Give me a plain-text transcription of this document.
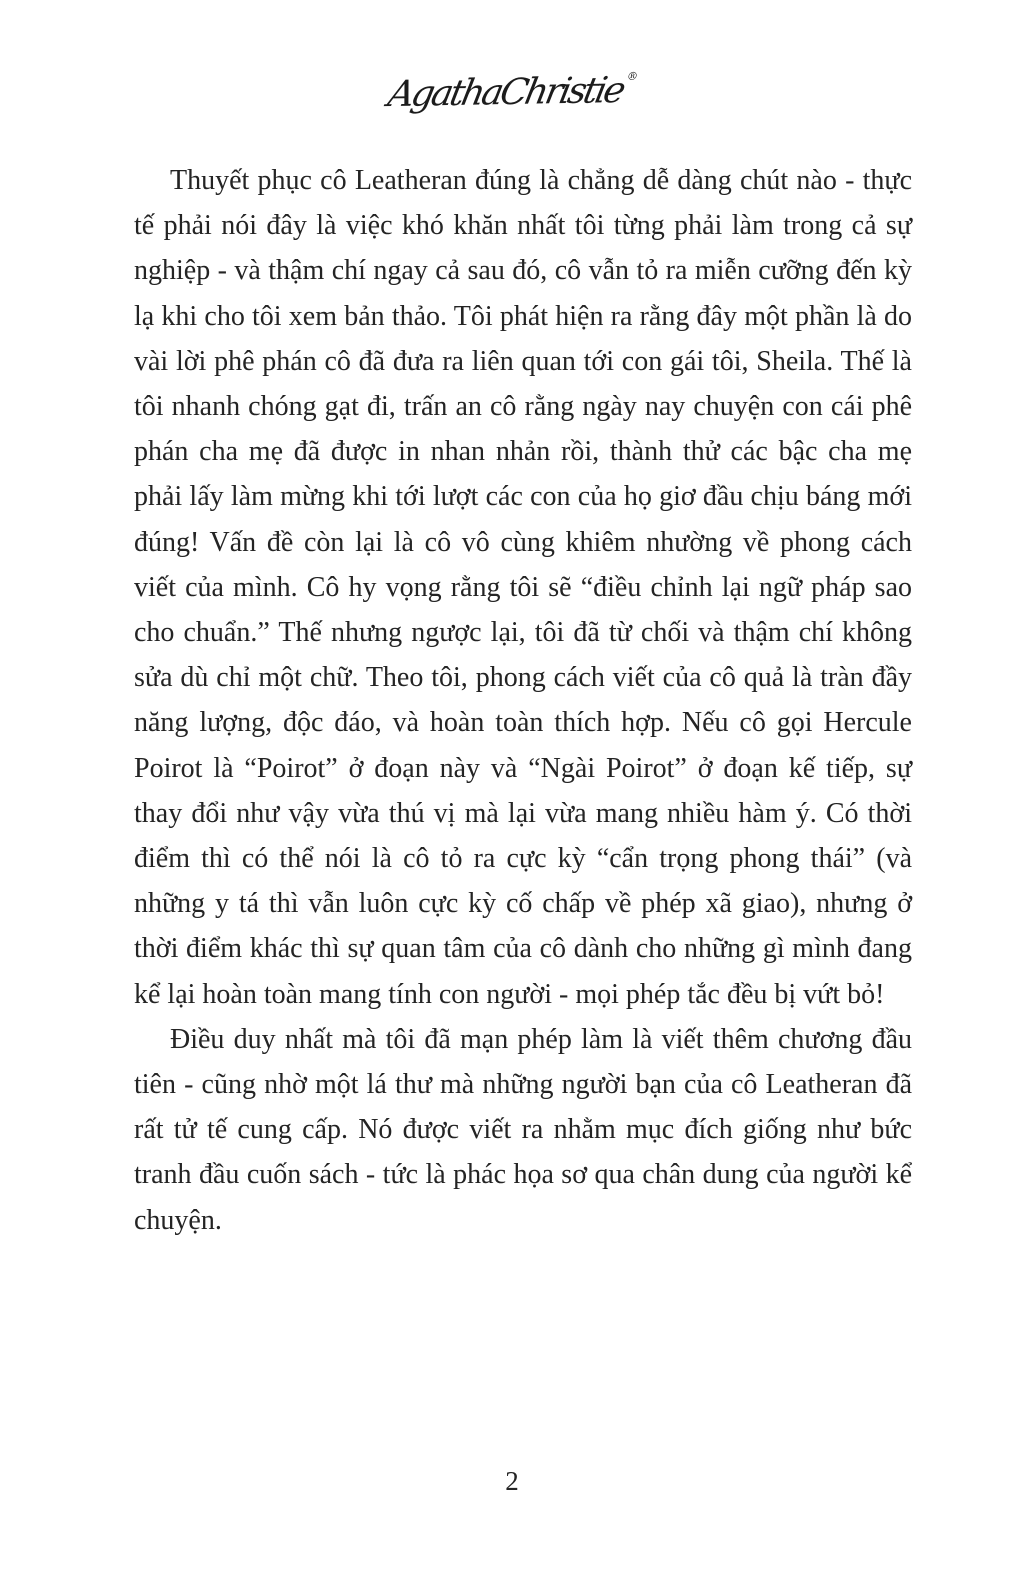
AgathaChristie®

Thuyết phục cô Leatheran đúng là chẳng dễ dàng chút nào - thực tế phải nói đây là việc khó khăn nhất tôi từng phải làm trong cả sự nghiệp - và thậm chí ngay cả sau đó, cô vẫn tỏ ra miễn cưỡng đến kỳ lạ khi cho tôi xem bản thảo. Tôi phát hiện ra rằng đây một phần là do vài lời phê phán cô đã đưa ra liên quan tới con gái tôi, Sheila. Thế là tôi nhanh chóng gạt đi, trấn an cô rằng ngày nay chuyện con cái phê phán cha mẹ đã được in nhan nhản rồi, thành thử các bậc cha mẹ phải lấy làm mừng khi tới lượt các con của họ giơ đầu chịu báng mới đúng! Vấn đề còn lại là cô vô cùng khiêm nhường về phong cách viết của mình. Cô hy vọng rằng tôi sẽ “điều chỉnh lại ngữ pháp sao cho chuẩn.” Thế nhưng ngược lại, tôi đã từ chối và thậm chí không sửa dù chỉ một chữ. Theo tôi, phong cách viết của cô quả là tràn đầy năng lượng, độc đáo, và hoàn toàn thích hợp. Nếu cô gọi Hercule Poirot là “Poirot” ở đoạn này và “Ngài Poirot” ở đoạn kế tiếp, sự thay đổi như vậy vừa thú vị mà lại vừa mang nhiều hàm ý. Có thời điểm thì có thể nói là cô tỏ ra cực kỳ “cẩn trọng phong thái” (và những y tá thì vẫn luôn cực kỳ cố chấp về phép xã giao), nhưng ở thời điểm khác thì sự quan tâm của cô dành cho những gì mình đang kể lại hoàn toàn mang tính con người - mọi phép tắc đều bị vứt bỏ!

Điều duy nhất mà tôi đã mạn phép làm là viết thêm chương đầu tiên - cũng nhờ một lá thư mà những người bạn của cô Leatheran đã rất tử tế cung cấp. Nó được viết ra nhằm mục đích giống như bức tranh đầu cuốn sách - tức là phác họa sơ qua chân dung của người kể chuyện.

2
